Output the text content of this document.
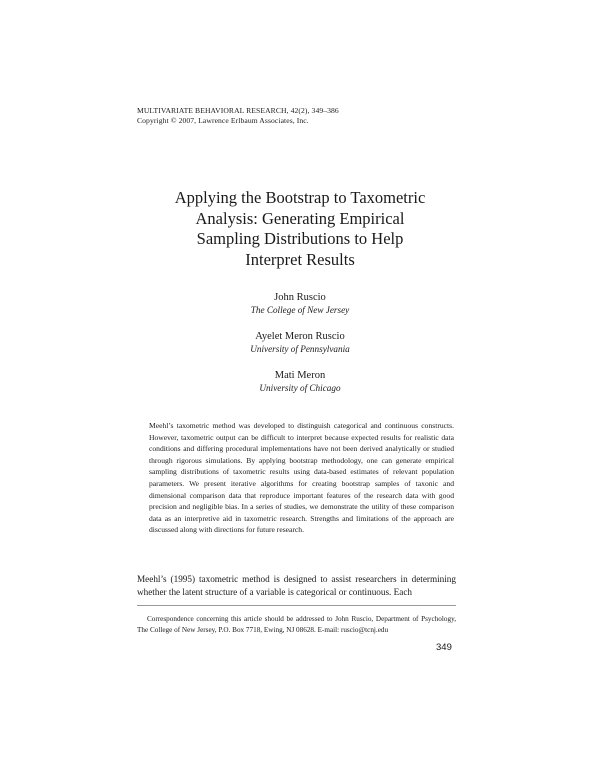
MULTIVARIATE BEHAVIORAL RESEARCH, 42(2), 349–386
Copyright © 2007, Lawrence Erlbaum Associates, Inc.
Applying the Bootstrap to Taxometric
Analysis: Generating Empirical
Sampling Distributions to Help
Interpret Results
John Ruscio
The College of New Jersey
Ayelet Meron Ruscio
University of Pennsylvania
Mati Meron
University of Chicago
Meehl’s taxometric method was developed to distinguish categorical and continuous constructs. However, taxometric output can be difficult to interpret because expected results for realistic data conditions and differing procedural implementations have not been derived analytically or studied through rigorous simulations. By applying bootstrap methodology, one can generate empirical sampling distributions of taxometric results using data-based estimates of relevant population parameters. We present iterative algorithms for creating bootstrap samples of taxonic and dimensional comparison data that reproduce important features of the research data with good precision and negligible bias. In a series of studies, we demonstrate the utility of these comparison data as an interpretive aid in taxometric research. Strengths and limitations of the approach are discussed along with directions for future research.
Meehl’s (1995) taxometric method is designed to assist researchers in determining whether the latent structure of a variable is categorical or continuous. Each
Correspondence concerning this article should be addressed to John Ruscio, Department of Psychology, The College of New Jersey, P.O. Box 7718, Ewing, NJ 08628. E-mail: ruscio@tcnj.edu
349
